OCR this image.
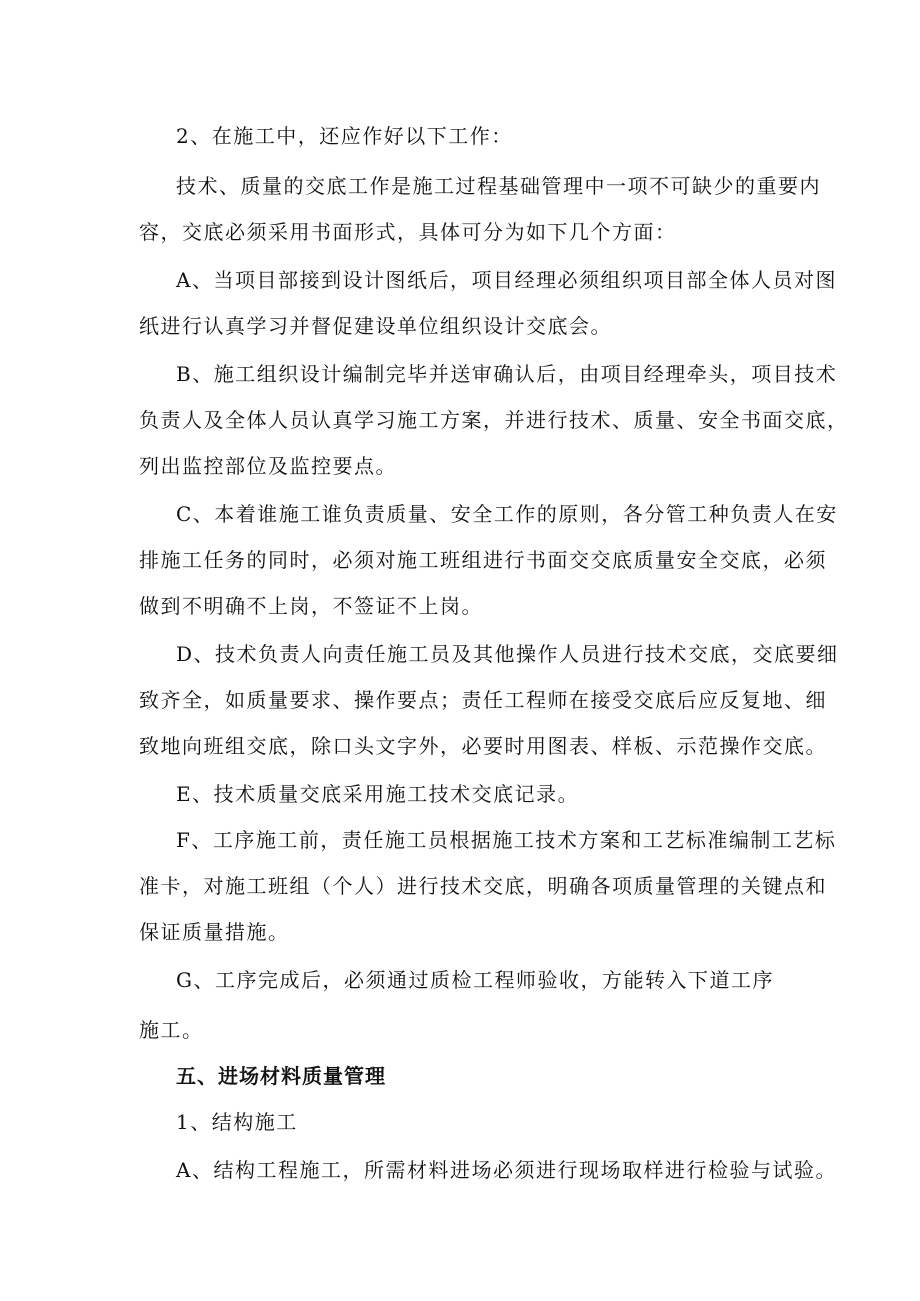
2、在施工中，还应作好以下工作：
技术、质量的交底工作是施工过程基础管理中一项不可缺少的重要内
容，交底必须采用书面形式，具体可分为如下几个方面：
A、当项目部接到设计图纸后，项目经理必须组织项目部全体人员对图
纸进行认真学习并督促建设单位组织设计交底会。
B、施工组织设计编制完毕并送审确认后，由项目经理牵头，项目技术
负责人及全体人员认真学习施工方案，并进行技术、质量、安全书面交底，
列出监控部位及监控要点。
C、本着谁施工谁负责质量、安全工作的原则，各分管工种负责人在安
排施工任务的同时，必须对施工班组进行书面交交底质量安全交底，必须
做到不明确不上岗，不签证不上岗。
D、技术负责人向责任施工员及其他操作人员进行技术交底，交底要细
致齐全，如质量要求、操作要点；责任工程师在接受交底后应反复地、细
致地向班组交底，除口头文字外，必要时用图表、样板、示范操作交底。
E、技术质量交底采用施工技术交底记录。
F、工序施工前，责任施工员根据施工技术方案和工艺标准编制工艺标
准卡，对施工班组（个人）进行技术交底，明确各项质量管理的关键点和
保证质量措施。
G、工序完成后，必须通过质检工程师验收，方能转入下道工序
施工。
五、进场材料质量管理
1、结构施工
A、结构工程施工，所需材料进场必须进行现场取样进行检验与试验。
